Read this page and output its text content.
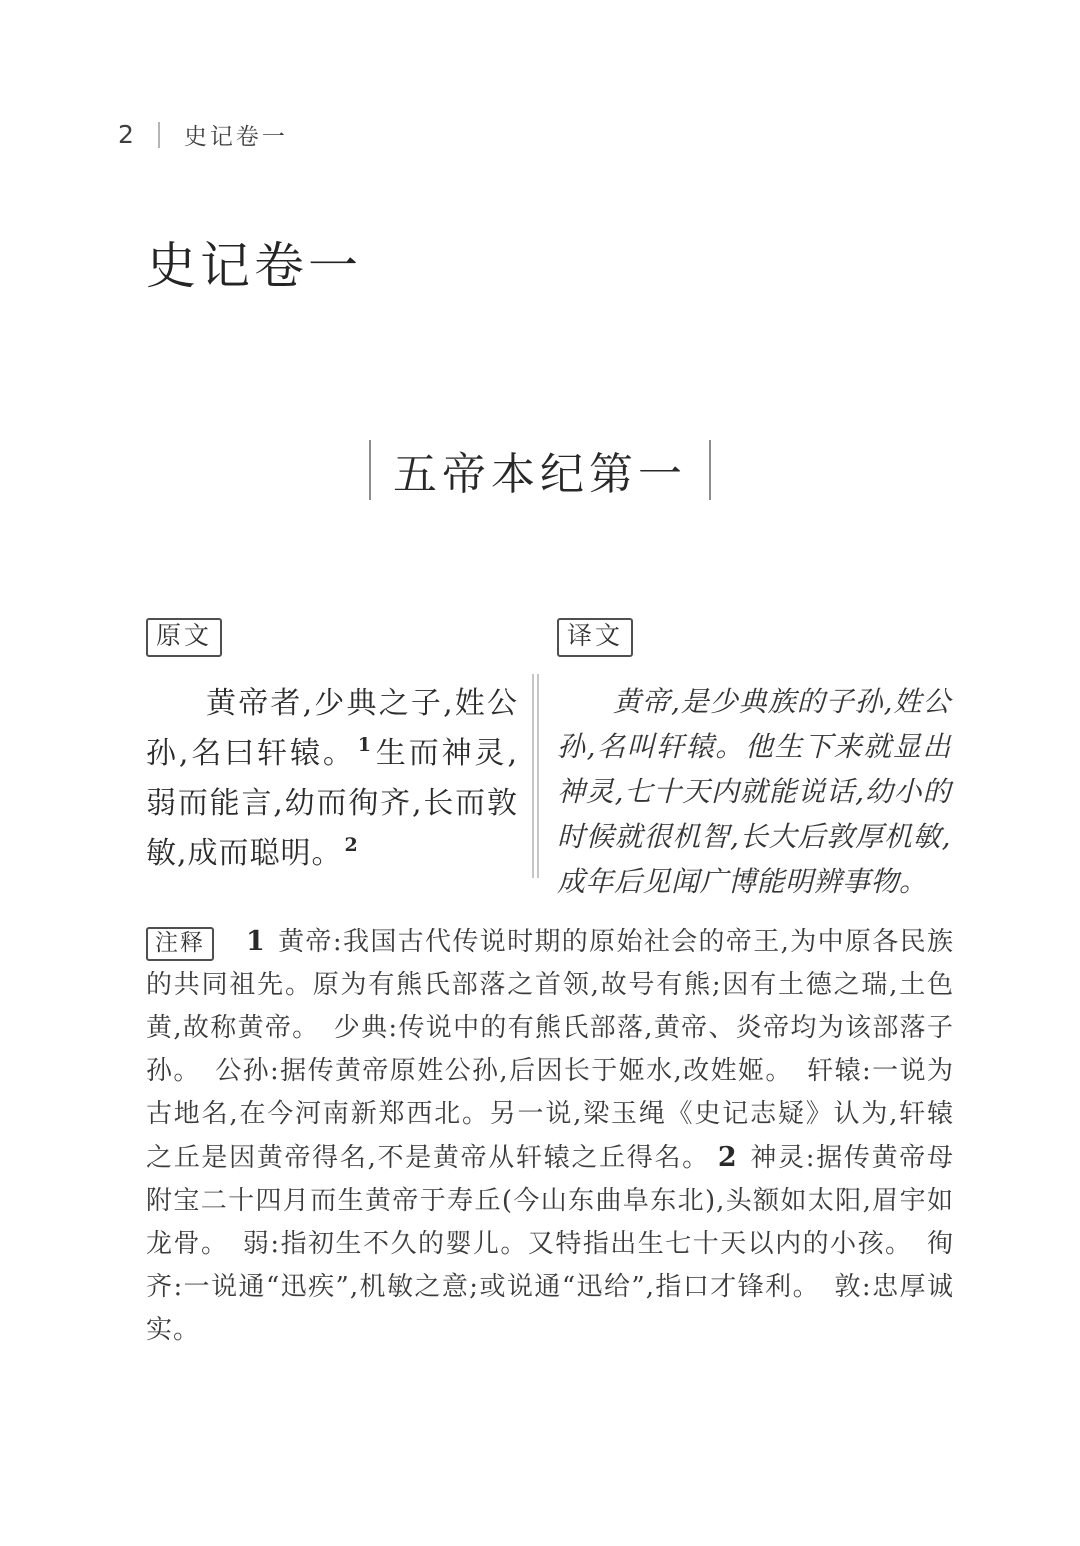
2 史记卷一
史记卷一
五帝本纪第一
原文

黄帝者,少典之子,姓公孙,名曰轩辕。 $^1$生而神灵,弱而能言,幼而徇齐,长而敦敏,成而聪明。 $^2$

译文

黄帝,是少典族的子孙,姓公孙,名叫轩辕。他生下来就显出神灵,七十天内就能说话,幼小的时候就很机智,长大后敦厚机敏,成年后见闻广博能明辨事物。

注释 1 黄帝:我国古代传说时期的原始社会的帝王,为中原各民族的共同祖先。原为有熊氏部落之首领,故号有熊;因有土德之瑞,土色黄,故称黄帝。　少典:传说中的有熊氏部落,黄帝、炎帝均为该部落子孙。　公孙:据传黄帝原姓公孙,后因长于姬水,改姓姬。　轩辕:一说为古地名,在今河南新郑西北。另一说,梁玉绳《史记志疑》认为,轩辕之丘是因黄帝得名,不是黄帝从轩辕之丘得名。 2 神灵:据传黄帝母附宝二十四月而生黄帝于寿丘(今山东曲阜东北),头额如太阳,眉宇如龙骨。　弱:指初生不久的婴儿。又特指出生七十天以内的小孩。　徇齐:一说通“迅疾”,机敏之意;或说通“迅给”,指口才锋利。　敦:忠厚诚实。
